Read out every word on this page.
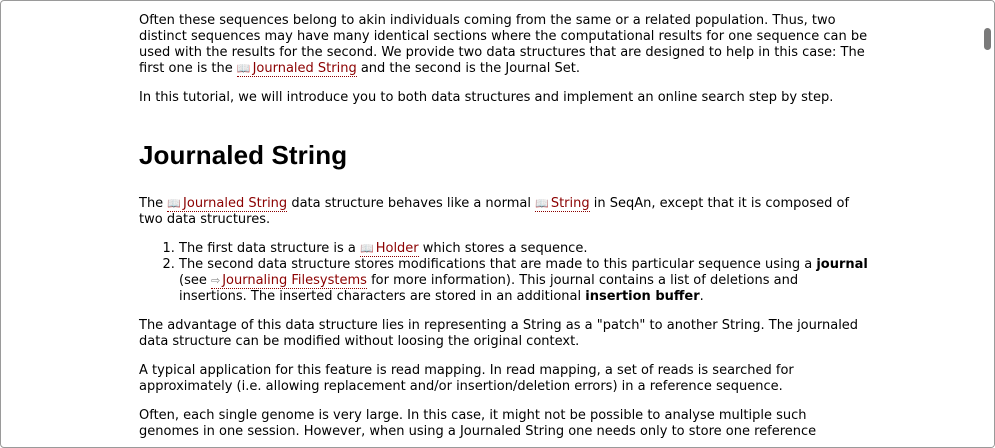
Often these sequences belong to akin individuals coming from the same or a related population. Thus, two distinct sequences may have many identical sections where the computational results for one sequence can be used with the results for the second. We provide two data structures that are designed to help in this case: The first one is the 📖 Journaled String and the second is the Journal Set.

In this tutorial, we will introduce you to both data structures and implement an online search step by step.

Journaled String

The 📖 Journaled String data structure behaves like a normal 📖 String in SeqAn, except that it is composed of two data structures.

1. The first data structure is a 📖 Holder which stores a sequence.
2. The second data structure stores modifications that are made to this particular sequence using a journal (see ⇨ Journaling Filesystems for more information). This journal contains a list of deletions and insertions. The inserted characters are stored in an additional insertion buffer.

The advantage of this data structure lies in representing a String as a "patch" to another String. The journaled data structure can be modified without loosing the original context.

A typical application for this feature is read mapping. In read mapping, a set of reads is searched for approximately (i.e. allowing replacement and/or insertion/deletion errors) in a reference sequence.

Often, each single genome is very large. In this case, it might not be possible to analyse multiple such genomes in one session. However, when using a Journaled String one needs only to store one reference
